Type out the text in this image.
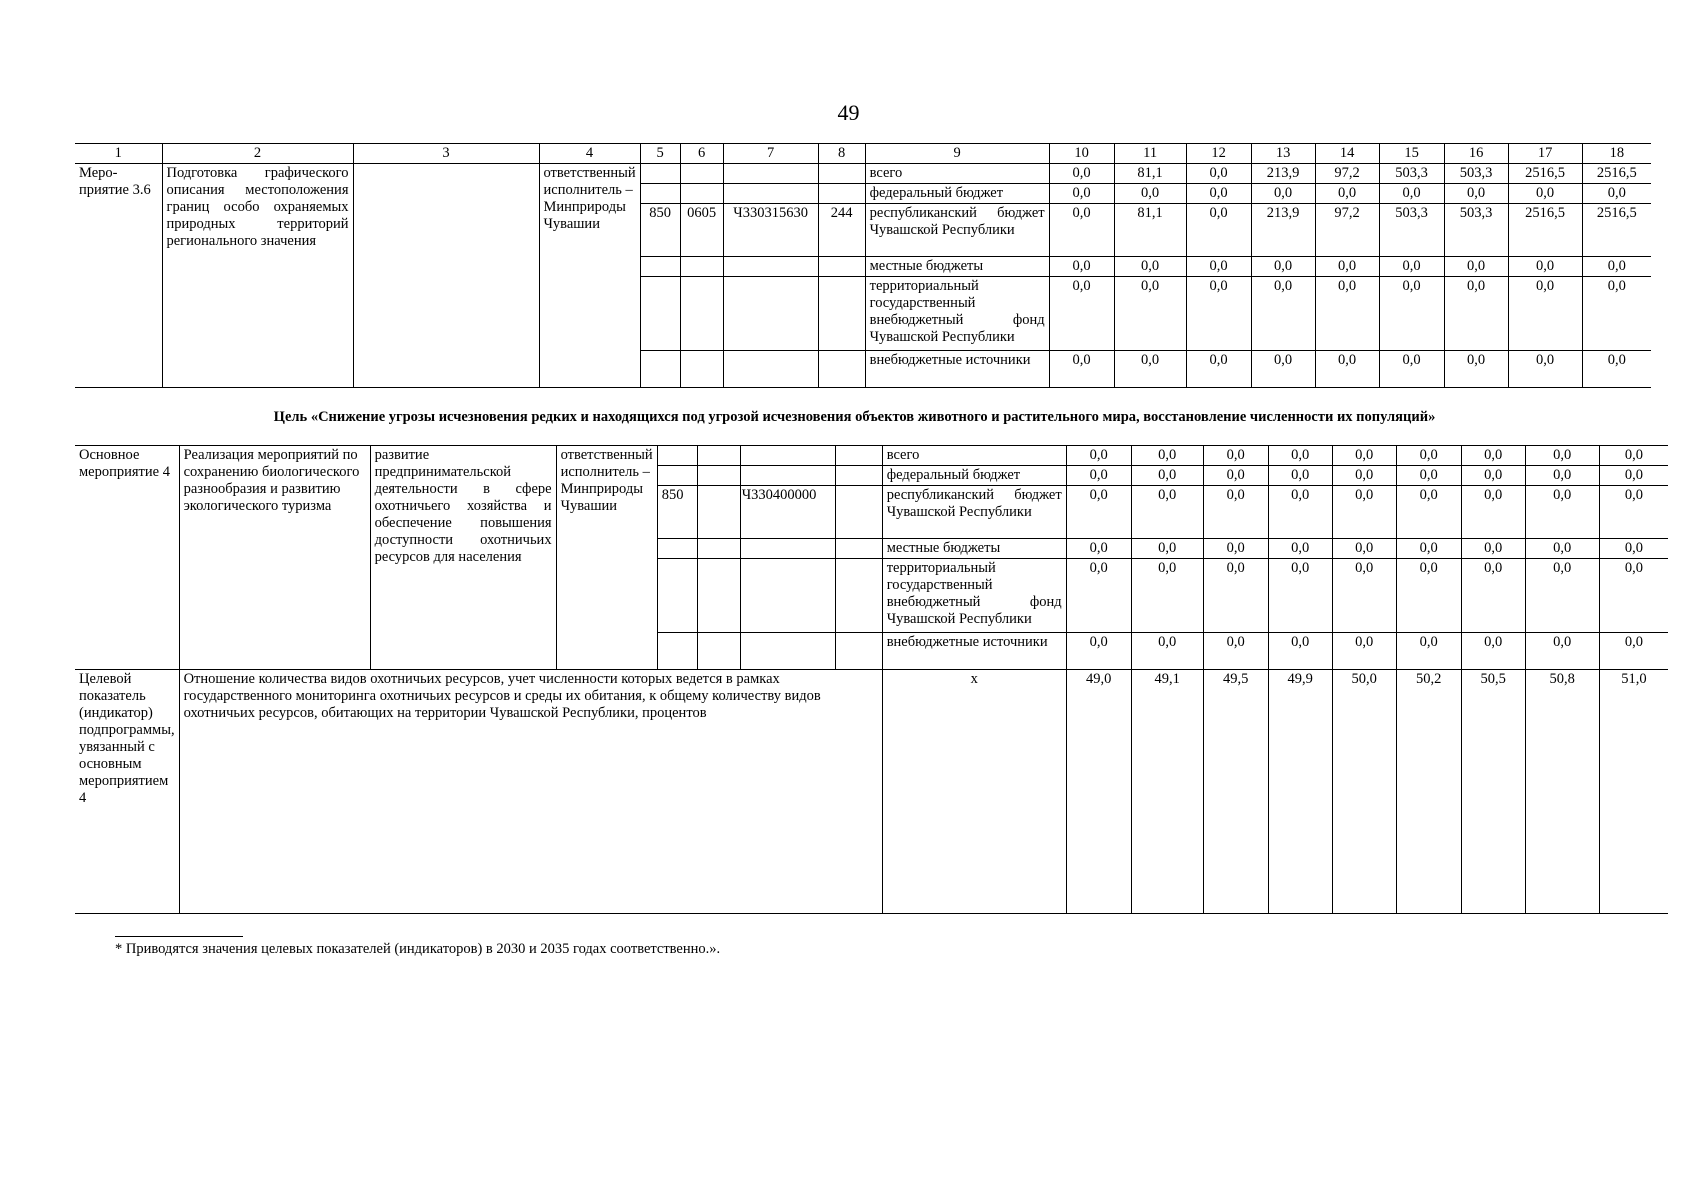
49
1	2	3	4	5	6	7	8	9	10	11	12	13	14	15	16	17	18
Меро-приятие 3.6	Подготовка графического описания местоположения границ особо охраняемых природных территорий регионального значения		ответственный исполнитель – Минприроды Чувашии					всего	0,0	81,1	0,0	213,9	97,2	503,3	503,3	2516,5	2516,5
								федеральный бюджет	0,0	0,0	0,0	0,0	0,0	0,0	0,0	0,0	0,0
				850	0605	Ч330315630	244	республиканский бюджет Чувашской Республики	0,0	81,1	0,0	213,9	97,2	503,3	503,3	2516,5	2516,5
								местные бюджеты	0,0	0,0	0,0	0,0	0,0	0,0	0,0	0,0	0,0
								территориальный государственный внебюджетный фонд Чувашской Республики	0,0	0,0	0,0	0,0	0,0	0,0	0,0	0,0	0,0
								внебюджетные источники	0,0	0,0	0,0	0,0	0,0	0,0	0,0	0,0	0,0
Цель «Снижение угрозы исчезновения редких и находящихся под угрозой исчезновения объектов животного и растительного мира, восстановление численности их популяций»
Основное мероприятие 4	Реализация мероприятий по сохранению биологического разнообразия и развитию экологического туризма	развитие предпринимательской деятельности в сфере охотничьего хозяйства и обеспечение повышения доступности охотничьих ресурсов для населения	ответственный исполнитель – Минприроды Чувашии					всего	0,0	0,0	0,0	0,0	0,0	0,0	0,0	0,0	0,0
								федеральный бюджет	0,0	0,0	0,0	0,0	0,0	0,0	0,0	0,0	0,0
				850		Ч330400000		республиканский бюджет Чувашской Республики	0,0	0,0	0,0	0,0	0,0	0,0	0,0	0,0	0,0
								местные бюджеты	0,0	0,0	0,0	0,0	0,0	0,0	0,0	0,0	0,0
								территориальный государственный внебюджетный фонд Чувашской Республики	0,0	0,0	0,0	0,0	0,0	0,0	0,0	0,0	0,0
								внебюджетные источники	0,0	0,0	0,0	0,0	0,0	0,0	0,0	0,0	0,0
Целевой показатель (индикатор) подпрограммы, увязанный с основным мероприятием 4	Отношение количества видов охотничьих ресурсов, учет численности которых ведется в рамках государственного мониторинга охотничьих ресурсов и среды их обитания, к общему количеству видов охотничьих ресурсов, обитающих на территории Чувашской Республики, процентов							x	49,0	49,1	49,5	49,9	50,0	50,2	50,5	50,8	51,0
* Приводятся значения целевых показателей (индикаторов) в 2030 и 2035 годах соответственно.».
